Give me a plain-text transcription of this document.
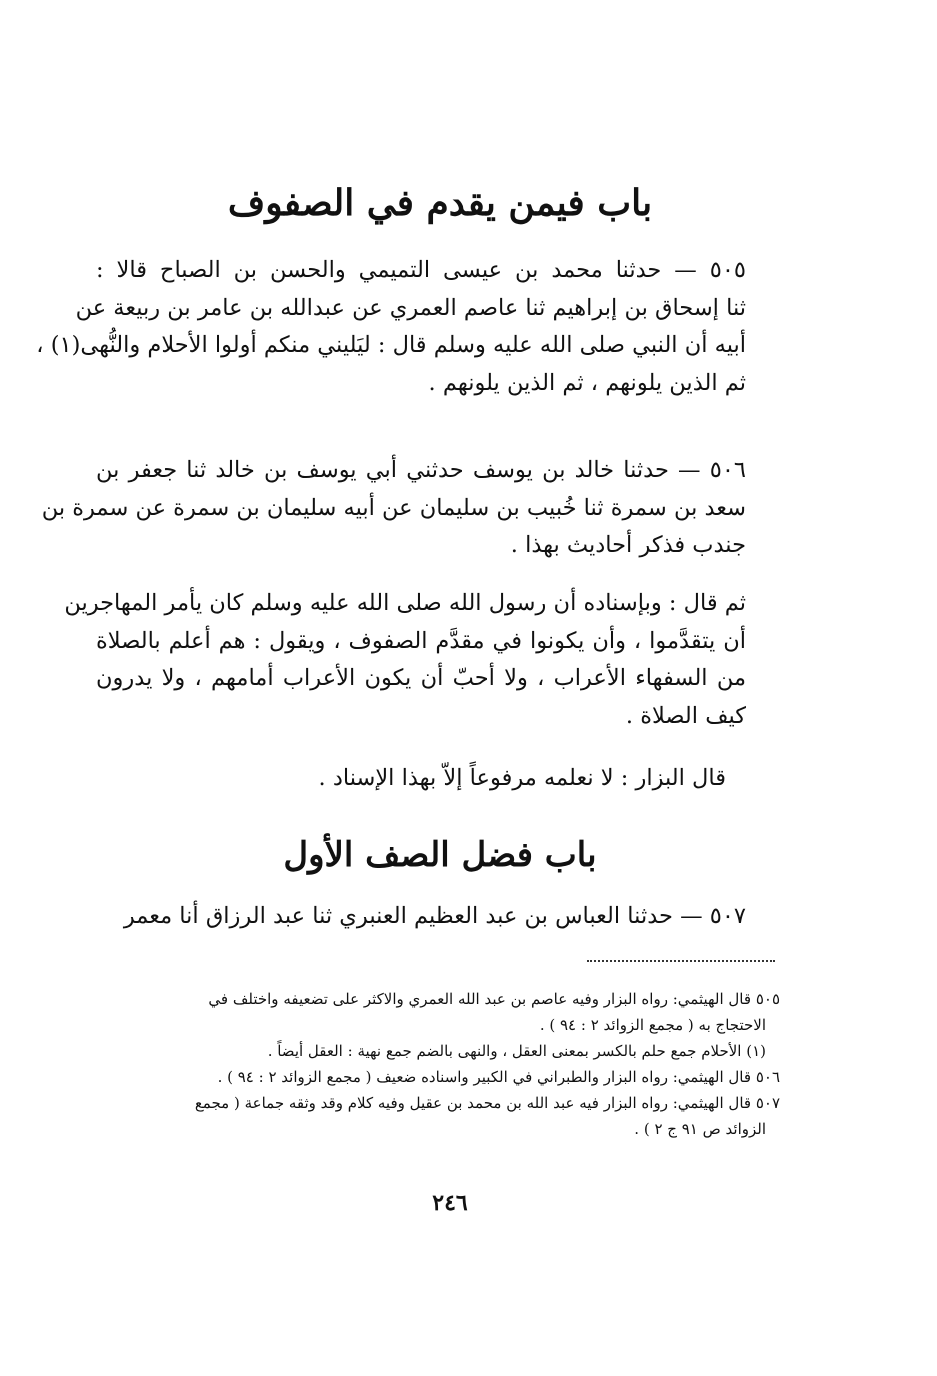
باب فيمن يقدم في الصفوف
٥٠٥ — حدثنا محمد بن عيسى التميمي والحسن بن الصباح قالا :
ثنا إسحاق بن إبراهيم ثنا عاصم العمري عن عبدالله بن عامر بن ربيعة عن
أبيه أن النبي صلى الله عليه وسلم قال : ليَليني منكم أولوا الأحلام والنُّهى(١) ،
ثم الذين يلونهم ، ثم الذين يلونهم .
٥٠٦ — حدثنا خالد بن يوسف حدثني أبي يوسف بن خالد ثنا جعفر بن
سعد بن سمرة ثنا خُبيب بن سليمان عن أبيه سليمان بن سمرة عن سمرة بن
جندب فذكر أحاديث بهذا .
ثم قال : وبإسناده أن رسول الله صلى الله عليه وسلم كان يأمر المهاجرين
أن يتقدَّموا ، وأن يكونوا في مقدَّم الصفوف ، ويقول : هم أعلم بالصلاة
من السفهاء الأعراب ، ولا أحبّ أن يكون الأعراب أمامهم ، ولا يدرون
كيف الصلاة .
قال البزار : لا نعلمه مرفوعاً إلاّ بهذا الإسناد .
باب فضل الصف الأول
٥٠٧ — حدثنا العباس بن عبد العظيم العنبري ثنا عبد الرزاق أنا معمر
٥٠٥ قال الهيثمي: رواه البزار وفيه عاصم بن عبد الله العمري والاكثر على تضعيفه واختلف في
الاحتجاج به ( مجمع الزوائد ٢ : ٩٤ ) .
(١) الأحلام جمع حلم بالكسر بمعنى العقل ، والنهى بالضم جمع نهية : العقل أيضاً .
٥٠٦ قال الهيثمي: رواه البزار والطبراني في الكبير واسناده ضعيف ( مجمع الزوائد ٢ : ٩٤ ) .
٥٠٧ قال الهيثمي: رواه البزار فيه عبد الله بن محمد بن عقيل وفيه كلام وقد وثقه جماعة ( مجمع
الزوائد ص ٩١ ج ٢ ) .
٢٤٦
